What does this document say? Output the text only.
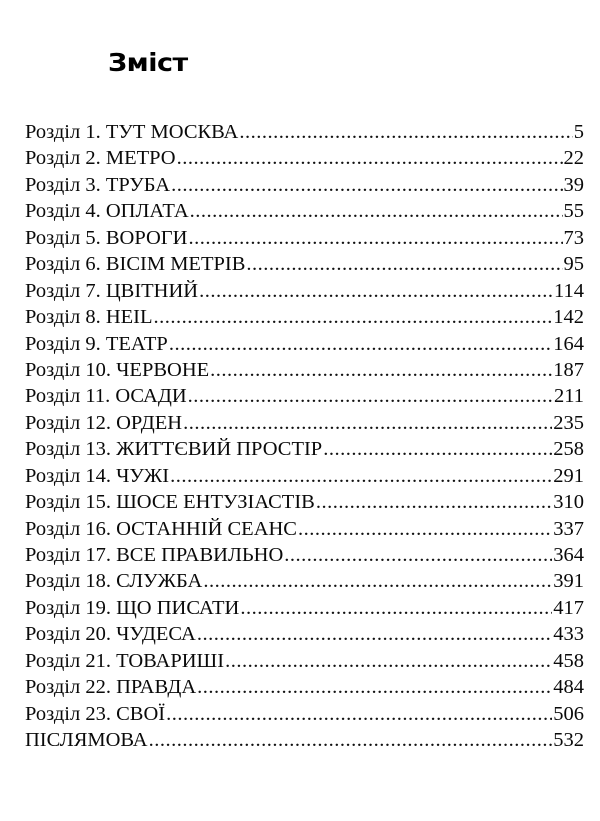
Зміст
Розділ 1. ТУТ МОСКВА .....	5
Розділ 2. МЕТРО .....	22
Розділ 3. ТРУБА .....	39
Розділ 4. ОПЛАТА .....	55
Розділ 5. ВОРОГИ .....	73
Розділ 6. ВІСІМ МЕТРІВ .....	95
Розділ 7. ЦВІТНИЙ .....	114
Розділ 8. HEIL .....	142
Розділ 9. ТЕАТР .....	164
Розділ 10. ЧЕРВОНЕ .....	187
Розділ 11. ОСАДИ .....	211
Розділ 12. ОРДЕН .....	235
Розділ 13. ЖИТТЄВИЙ ПРОСТІР .....	258
Розділ 14. ЧУЖІ .....	291
Розділ 15. ШОСЕ ЕНТУЗІАСТІВ .....	310
Розділ 16. ОСТАННІЙ СЕАНС .....	337
Розділ 17. ВСЕ ПРАВИЛЬНО .....	364
Розділ 18. СЛУЖБА .....	391
Розділ 19. ЩО ПИСАТИ .....	417
Розділ 20. ЧУДЕСА .....	433
Розділ 21. ТОВАРИШІ .....	458
Розділ 22. ПРАВДА .....	484
Розділ 23. СВОЇ .....	506
ПІСЛЯМОВА .....	532
